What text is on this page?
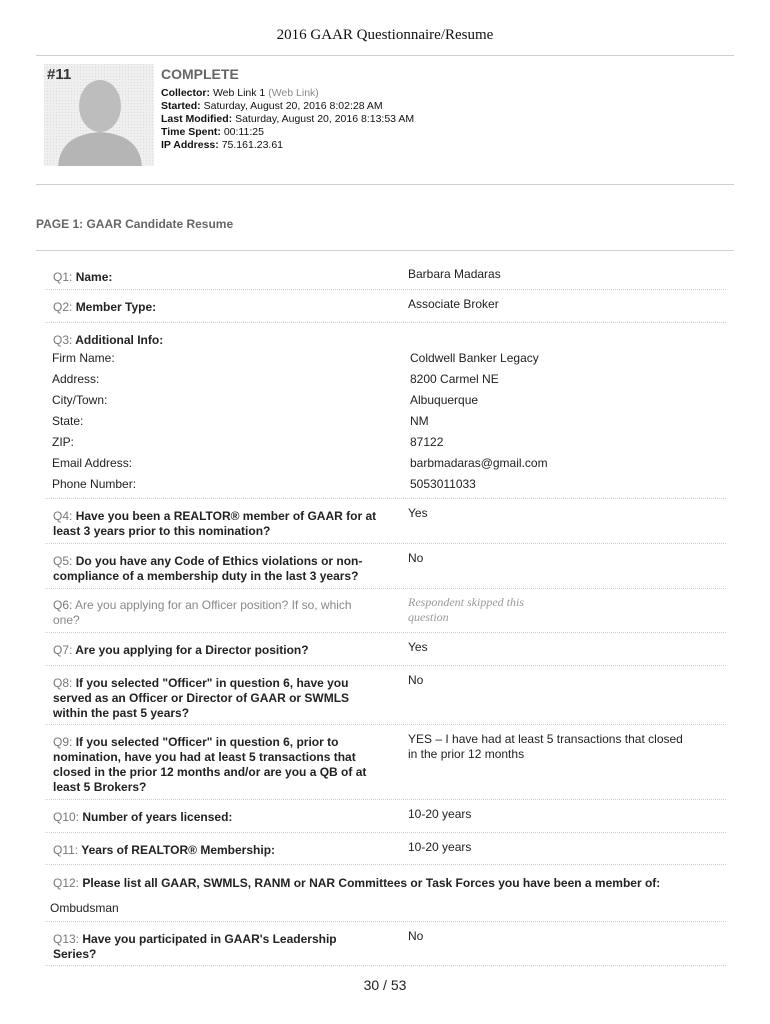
2016 GAAR Questionnaire/Resume
#11	COMPLETE
Collector: Web Link 1 (Web Link)
Started: Saturday, August 20, 2016 8:02:28 AM
Last Modified: Saturday, August 20, 2016 8:13:53 AM
Time Spent: 00:11:25
IP Address: 75.161.23.61
PAGE 1: GAAR Candidate Resume
Q1: Name:	Barbara Madaras
Q2: Member Type:	Associate Broker
Q3: Additional Info:
Firm Name:	Coldwell Banker Legacy
Address:	8200 Carmel NE
City/Town:	Albuquerque
State:	NM
ZIP:	87122
Email Address:	barbmadaras@gmail.com
Phone Number:	5053011033
Q4: Have you been a REALTOR® member of GAAR for at
least 3 years prior to this nomination?
Yes
Q5: Do you have any Code of Ethics violations or non-
compliance of a membership duty in the last 3 years?
No
Q6: Are you applying for an Officer position? If so, which
one?
Respondent skipped this
question
Q7: Are you applying for a Director position?	Yes
Q8: If you selected "Officer" in question 6, have you
served as an Officer or Director of GAAR or SWMLS
within the past 5 years?
No
Q9: If you selected "Officer" in question 6, prior to
nomination, have you had at least 5 transactions that
closed in the prior 12 months and/or are you a QB of at
least 5 Brokers?
YES – I have had at least 5 transactions that closed
in the prior 12 months
Q10: Number of years licensed:	10-20 years
Q11: Years of REALTOR® Membership:	10-20 years
Q12: Please list all GAAR, SWMLS, RANM or NAR Committees or Task Forces you have been a member of:
Ombudsman
Q13: Have you participated in GAAR's Leadership
Series?
No
30 / 53
